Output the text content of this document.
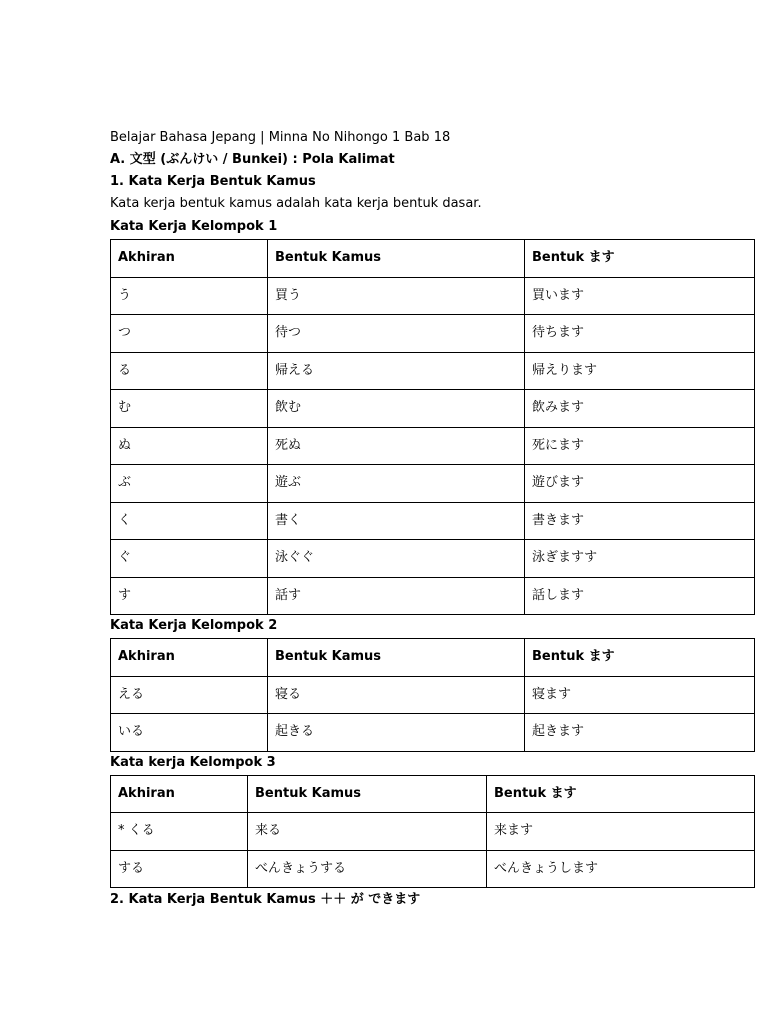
Belajar Bahasa Jepang | Minna No Nihongo 1 Bab 18
A. 文型 (ぶんけい / Bunkei) : Pola Kalimat
1. Kata Kerja Bentuk Kamus
Kata kerja bentuk kamus adalah kata kerja bentuk dasar.
Kata Kerja Kelompok 1
Akhiran	Bentuk Kamus	Bentuk ます
う	買う	買います
つ	待つ	待ちます
る	帰える	帰えります
む	飲む	飲みます
ぬ	死ぬ	死にます
ぶ	遊ぶ	遊びます
く	書く	書きます
ぐ	泳ぐぐ	泳ぎますす
す	話す	話します
Kata Kerja Kelompok 2
Akhiran	Bentuk Kamus	Bentuk ます
える	寝る	寝ます
いる	起きる	起きます
Kata kerja Kelompok 3
Akhiran	Bentuk Kamus	Bentuk ます
* くる	来る	来ます
する	べんきょうする	べんきょうします
2. Kata Kerja Bentuk Kamus ＋＋ が できます
